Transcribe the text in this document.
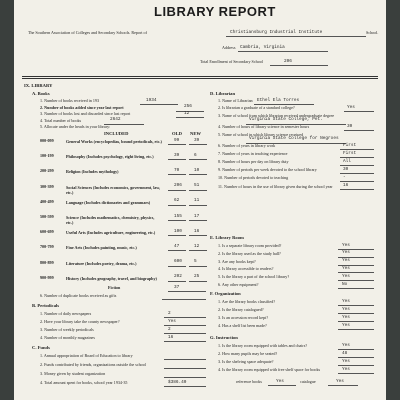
LIBRARY REPORT
The Southern Association of Colleges and Secondary Schools. Report of	Christiansburg Industrial Institute	School.
Address Cambria, Virginia
Total Enrollment of Secondary School	206
IX. LIBRARY
A. Books
1. Number of books received in 193	1934
2. Number of books added since year last report	256
3. Number of books lost and discarded since last report	12
4. Total number of books	2642
5. Allocate under the heads in your library:
INCLUDED	OLD NEW
000-099	General Works (encyclopedias, bound periodicals, etc.)	99	39
100-199	Philosophy (Includes psychology, right living, etc.)	39	6
200-299	Religion (Includes mythology)	70	10
300-399	Social Sciences (Includes economics, government, law, etc.)
206	51
400-499	Language (Includes dictionaries and grammars)	62	11
500-599	Science (Includes mathematics, chemistry, physics, etc.)
155	17
600-699	Useful Arts (Includes agriculture, engineering, etc.)	100	16
700-799	Fine Arts (Includes painting, music, etc.)	47	12
800-899	Literature (Includes poetry, drama, etc.)	600	5
900-999	History (Includes geography, travel, and biography)	202	25
Fiction	37
6. Number of duplicate books received as gifts
B. Periodicals
1. Number of daily newspapers	2
2. Have your library take the county newspaper?	Yes
3. Number of weekly periodicals	2
4. Number of monthly magazines	16
C. Funds
1. Annual appropriation of Board of Education to library
2. Funds contributed by friends, organizations outside the school
3. Money given by student organization
4. Total amount spent for books, school year 1934-35	$386.40
D. Librarian
1. Name of Librarian Ethel Ela Torres
2. Is librarian a graduate of a standard college?	Yes
3. Name of school from which librarian received undergraduate degree
Virginia State College, Pet.
4. Number of hours of library science in semester hours	30
5. Name of school in which library science received
Virginia State College for Negroes
6. Number of years in library work	First
7. Number of years in teaching experience	First
8. Number of hours per day on library duty	All
9. Number of periods per week devoted to the school library	30
10. Number of periods devoted to teaching	-
11. Number of hours in the use of library given during the school year	16
E. Library Room
1. Is a separate library room provided?	Yes
2. Is the library used as the study hall?	Yes
3. Are any books kept?	Yes
4. Is library accessible to readers?	Yes
5. Is the library a part of the school library?	Yes
6. Any other equipment?	No
F. Organization
1. Are the library books classified?	Yes
2. Is the library catalogued?	Yes
3. Is an accession record kept?	Yes
4. Has a shelf list been made?	Yes
G. Instruction
1. Is the library room equipped with tables and chairs?	Yes
2. How many pupils may be seated?	48
3. Is the shelving space adequate?	Yes
4. Is the library room equipped with free shelf space for books	Yes
reference books	Yes	catalogue	Yes
